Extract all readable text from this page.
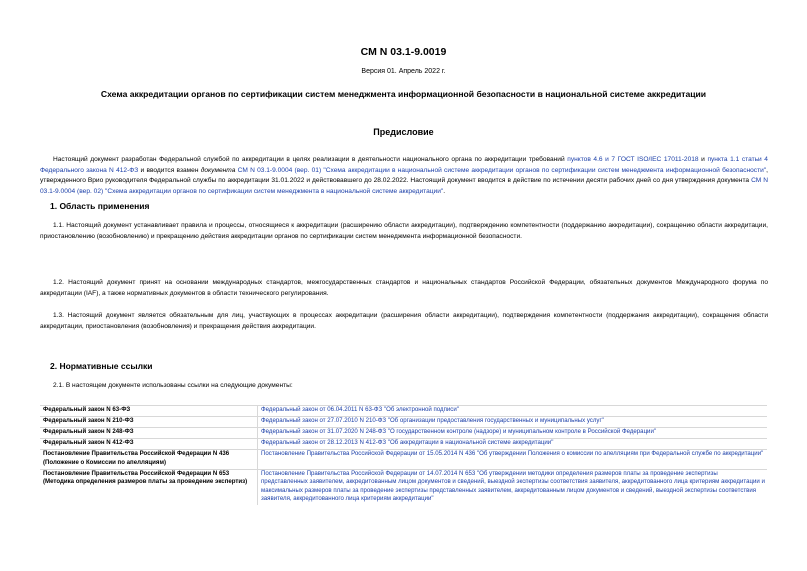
СМ N 03.1-9.0019
Версия 01. Апрель 2022 г.
Схема аккредитации органов по сертификации систем менеджмента информационной безопасности в национальной системе аккредитации
Предисловие
Настоящий документ разработан Федеральной службой по аккредитации в целях реализации в деятельности национального органа по аккредитации требований пунктов 4.6 и 7 ГОСТ ISO/IEC 17011-2018 и пункта 1.1 статьи 4 Федерального закона N 412-ФЗ и вводится взамен документа СМ N 03.1-9.0004 (вер. 01) "Схема аккредитации в национальной системе аккредитации органов по сертификации систем менеджмента информационной безопасности", утвержденного Врио руководителя Федеральной службы по аккредитации 31.01.2022 и действовавшего до 28.02.2022. Настоящий документ вводится в действие по истечении десяти рабочих дней со дня утверждения документа СМ N 03.1-9.0004 (вер. 02) "Схема аккредитации органов по сертификации систем менеджмента в национальной системе аккредитации".
1. Область применения
1.1. Настоящий документ устанавливает правила и процессы, относящиеся к аккредитации (расширению области аккредитации), подтверждению компетентности (поддержанию аккредитации), сокращению области аккредитации, приостановлению (возобновлению) и прекращению действия аккредитации органов по сертификации систем менеджмента информационной безопасности.
1.2. Настоящий документ принят на основании международных стандартов, межгосударственных стандартов и национальных стандартов Российской Федерации, обязательных документов Международного форума по аккредитации (IAF), а также нормативных документов в области технического регулирования.
1.3. Настоящий документ является обязательным для лиц, участвующих в процессах аккредитации (расширения области аккредитации), подтверждения компетентности (поддержания аккредитации), сокращения области аккредитации, приостановления (возобновления) и прекращения действия аккредитации.
2. Нормативные ссылки
2.1. В настоящем документе использованы ссылки на следующие документы:
Федеральный закон N 63-ФЗ	Федеральный закон от 06.04.2011 N 63-ФЗ "Об электронной подписи"
Федеральный закон N 210-ФЗ	Федеральный закон от 27.07.2010 N 210-ФЗ "Об организации предоставления государственных и муниципальных услуг"
Федеральный закон N 248-ФЗ	Федеральный закон от 31.07.2020 N 248-ФЗ "О государственном контроле (надзоре) и муниципальном контроле в Российской Федерации"
Федеральный закон N 412-ФЗ	Федеральный закон от 28.12.2013 N 412-ФЗ "Об аккредитации в национальной системе аккредитации"
Постановление Правительства Российской Федерации N 436 (Положение о Комиссии по апелляциям)	Постановление Правительства Российской Федерации от 15.05.2014 N 436 "Об утверждении Положения о комиссии по апелляциям при Федеральной службе по аккредитации"
Постановление Правительства Российской Федерации N 653 (Методика определения размеров платы за проведение экспертиз)	Постановление Правительства Российской Федерации от 14.07.2014 N 653 "Об утверждении методики определения размеров платы за проведение экспертизы представленных заявителем, аккредитованным лицом документов и сведений, выездной экспертизы соответствия заявителя, аккредитованного лица критериям аккредитации и максимальных размеров платы за проведение экспертизы представленных заявителем, аккредитованным лицом документов и сведений, выездной экспертизы соответствия заявителя, аккредитованного лица критериям аккредитации"
